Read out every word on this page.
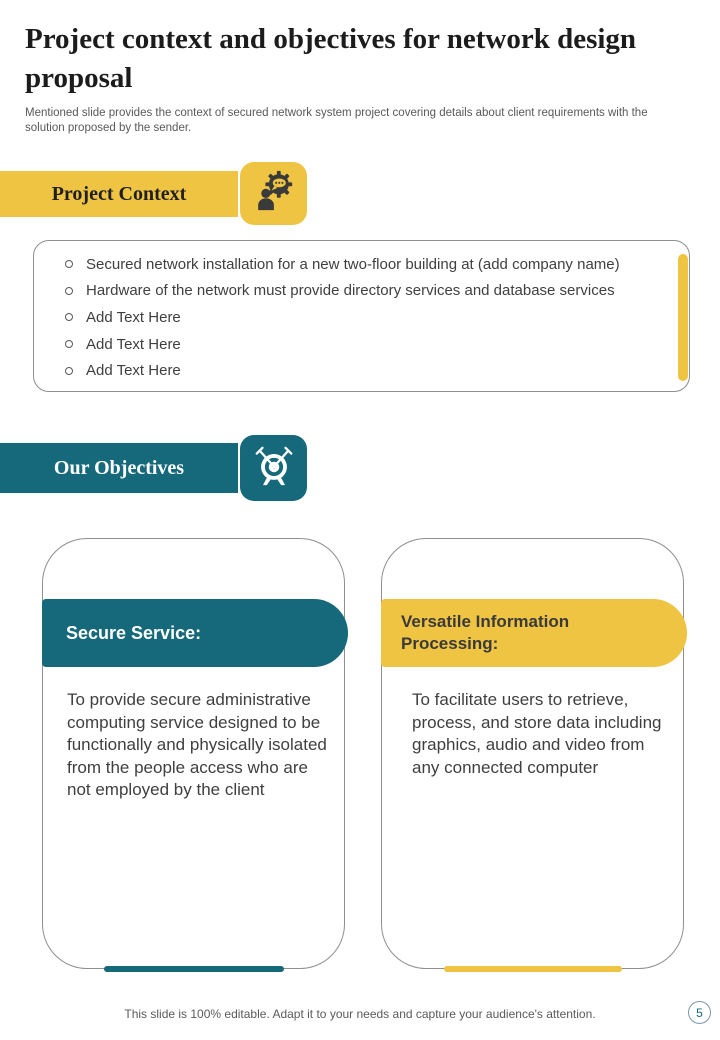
Project context and objectives for network design proposal

Mentioned slide provides the context of secured network system project covering details about client requirements with the solution proposed by the sender.

Project Context
Secured network installation for a new two-floor building at (add company name)
Hardware of the network must provide directory services and database services
Add Text Here
Add Text Here
Add Text Here
Our Objectives
Secure Service:

To provide secure administrative computing service designed to be functionally and physically isolated from the people access who are not employed by the client

Versatile Information Processing:

To facilitate users to retrieve, process, and store data including graphics, audio and video from any connected computer

This slide is 100% editable. Adapt it to your needs and capture your audience's attention.	5
